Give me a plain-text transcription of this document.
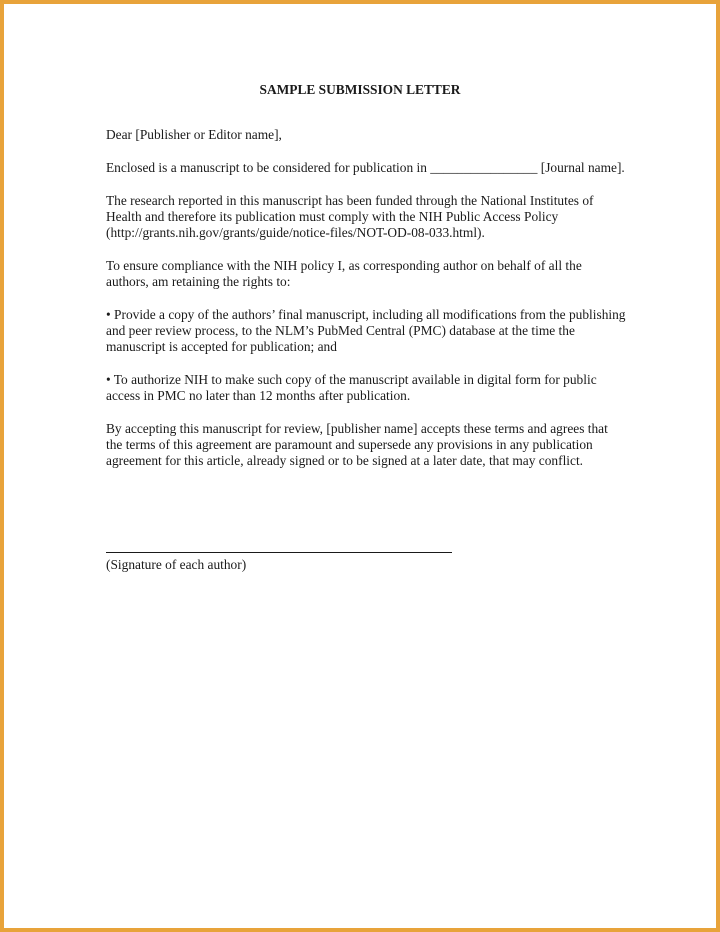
SAMPLE SUBMISSION LETTER

Dear [Publisher or Editor name],

Enclosed is a manuscript to be considered for publication in ________________ [Journal name].

The research reported in this manuscript has been funded through the National Institutes of Health and therefore its publication must comply with the NIH Public Access Policy (http://grants.nih.gov/grants/guide/notice-files/NOT-OD-08-033.html).

To ensure compliance with the NIH policy I, as corresponding author on behalf of all the authors, am retaining the rights to:

• Provide a copy of the authors’ final manuscript, including all modifications from the publishing and peer review process, to the NLM’s PubMed Central (PMC) database at the time the manuscript is accepted for publication; and

• To authorize NIH to make such copy of the manuscript available in digital form for public access in PMC no later than 12 months after publication.

By accepting this manuscript for review, [publisher name] accepts these terms and agrees that the terms of this agreement are paramount and supersede any provisions in any publication agreement for this article, already signed or to be signed at a later date, that may conflict.

(Signature of each author)
